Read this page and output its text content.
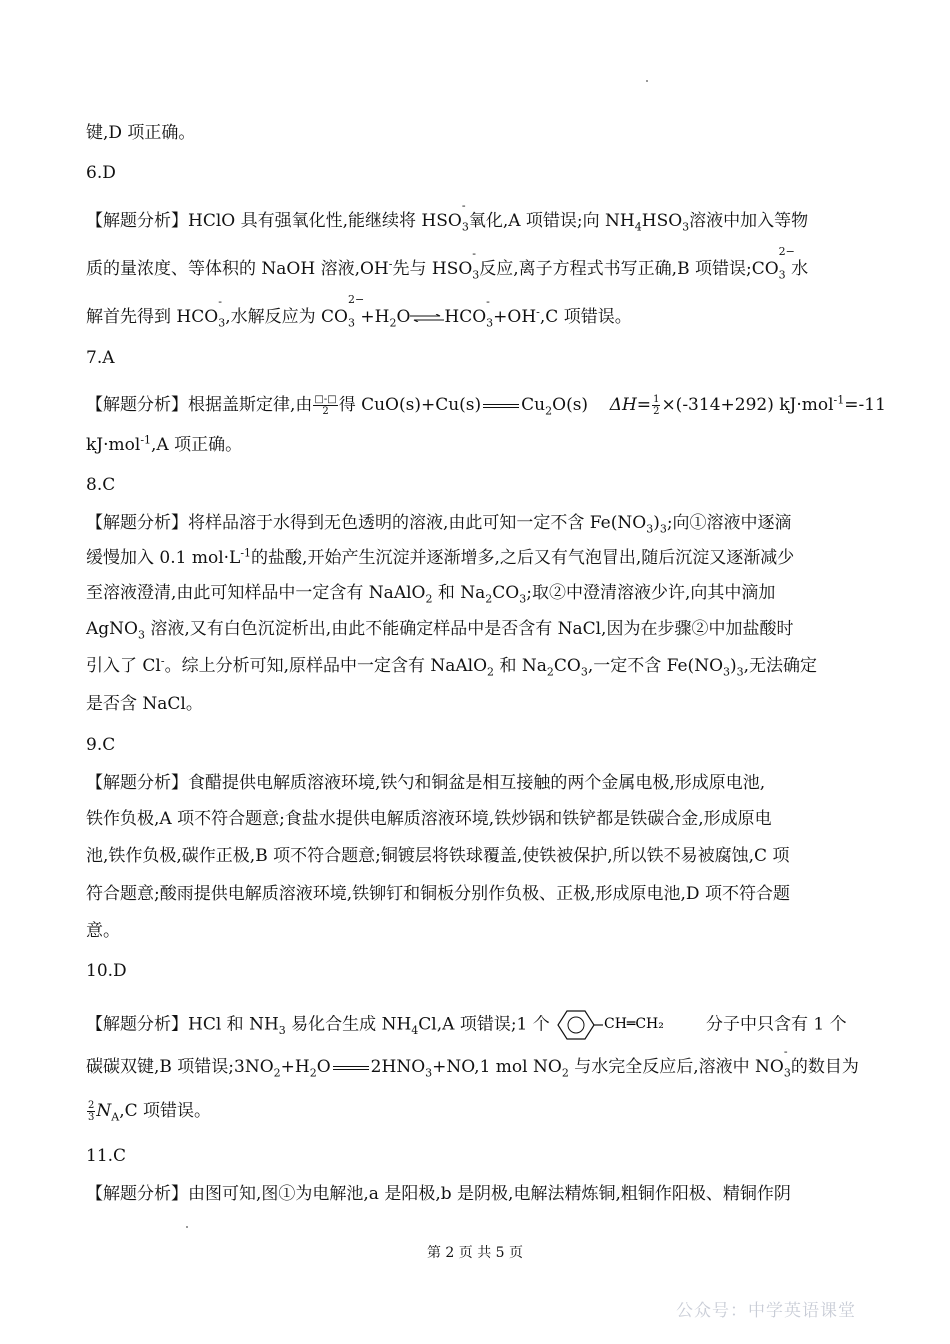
键,D 项正确。
6.D
【解题分析】HClO 具有强氧化性,能继续将 $HSO_3$
-
氧化,A 项错误;向 $NH_4HSO_3$溶液中加入等物
质的量浓度、等体积的 NaOH 溶液,OH-先与 $HSO_3$
-
反应,离子方程式书写正确,B 项错误$;CO_3$
2−
水
解首先得到 $HCO_3$
-
,水解反应为 $CO_3$
2−
$+H_2O\rightleftharpoons HCO_3$
-
+OH-,C 项错误。
7.A
【解题分析】根据盖斯定律,由 □-□
2 得 CuO(s)+Cu(s) $Cu_2O(s)$ $\Delta H= \frac{1}{2} \times(-314+292)$ kJ·mol$^{-1}$=-11
kJ·mol$^{-1}$,A 项正确。
8.C
【解题分析】将样品溶于水得到无色透明的溶液,由此可知一定不含 $Fe(NO_3)_3$;向①溶液中逐滴
缓慢加入 0.1 $mol\cdot L^{-1}$的盐酸,开始产生沉淀并逐渐增多,之后又有气泡冒出,随后沉淀又逐渐减少
至溶液澄清,由此可知样品中一定含有 NaAlO$_2$ 和 $Na_2CO_3$;取②中澄清溶液少许,向其中滴加
AgNO$_3$ 溶液,又有白色沉淀析出,由此不能确定样品中是否含有 NaCl,因为在步骤②中加盐酸时
引入了 Cl-。综上分析可知,原样品中一定含有 NaAlO$_2$ 和 $Na_2CO_3$,一定不含 $Fe(NO_3)_3$,无法确定
是否含 NaCl。
9.C
【解题分析】食醋提供电解质溶液环境,铁勺和铜盆是相互接触的两个金属电极,形成原电池,
铁作负极,A 项不符合题意;食盐水提供电解质溶液环境,铁炒锅和铁铲都是铁碳合金,形成原电
池,铁作负极,碳作正极,B 项不符合题意;铜镀层将铁球覆盖,使铁被保护,所以铁不易被腐蚀,C 项
符合题意;酸雨提供电解质溶液环境,铁铆钉和铜板分别作负极、正极,形成原电池,D 项不符合题
意。
10.D
【解题分析】HCl 和 $NH_3$ 易化合生成 $NH_4Cl,A$ 项错误;1 个	CH═CH₂ 分子中只含有 1 个
碳碳双键,B 项错误$;3NO_2+H_2O$ $2HNO_3+NO,1$ mol $NO_2$ 与水完全反应后,溶液中 $NO_3$
-
的数目为
$\frac{2}{3} N_A,C$ 项错误。
11.C
【解题分析】由图可知,图①为电解池,a 是阳极,b 是阴极,电解法精炼铜,粗铜作阳极、精铜作阴
第 2 页 共 5 页
公众号：中学英语课堂
